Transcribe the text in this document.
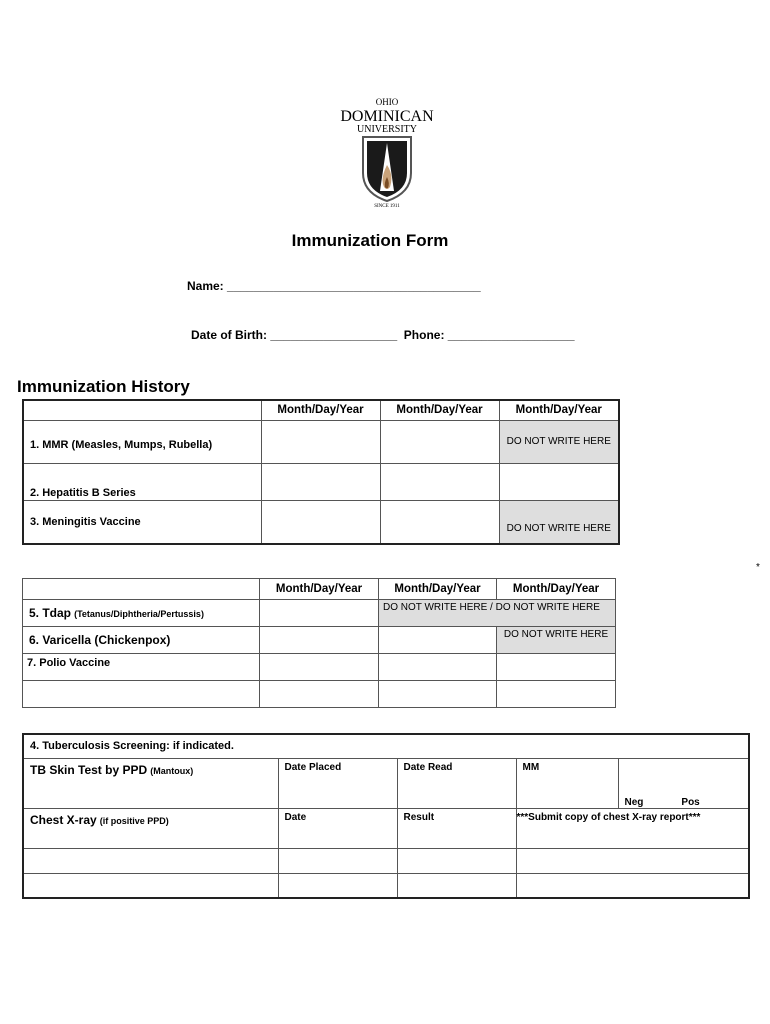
OHIO
DOMINICAN
UNIVERSITY
SINCE 1911
Immunization Form
Name: ______________________________________
Date of Birth: ___________________  Phone: ___________________
Immunization History
	Month/Day/Year	Month/Day/Year	Month/Day/Year
1. MMR (Measles, Mumps, Rubella)			DO NOT WRITE HERE
2. Hepatitis B Series			
3. Meningitis Vaccine			DO NOT WRITE HERE
*
	Month/Day/Year	Month/Day/Year	Month/Day/Year
5. Tdap (Tetanus/Diphtheria/Pertussis)		DO NOT WRITE HERE / DO NOT WRITE HERE	
6. Varicella (Chickenpox)			DO NOT WRITE HERE
7. Polio Vaccine			

4. Tuberculosis Screening: if indicated.				
TB Skin Test by PPD (Mantoux)	Date Placed	Date Read	MM	Neg Pos
Chest X-ray (if positive PPD)	Date	Result	***Submit copy of chest X-ray report***	
